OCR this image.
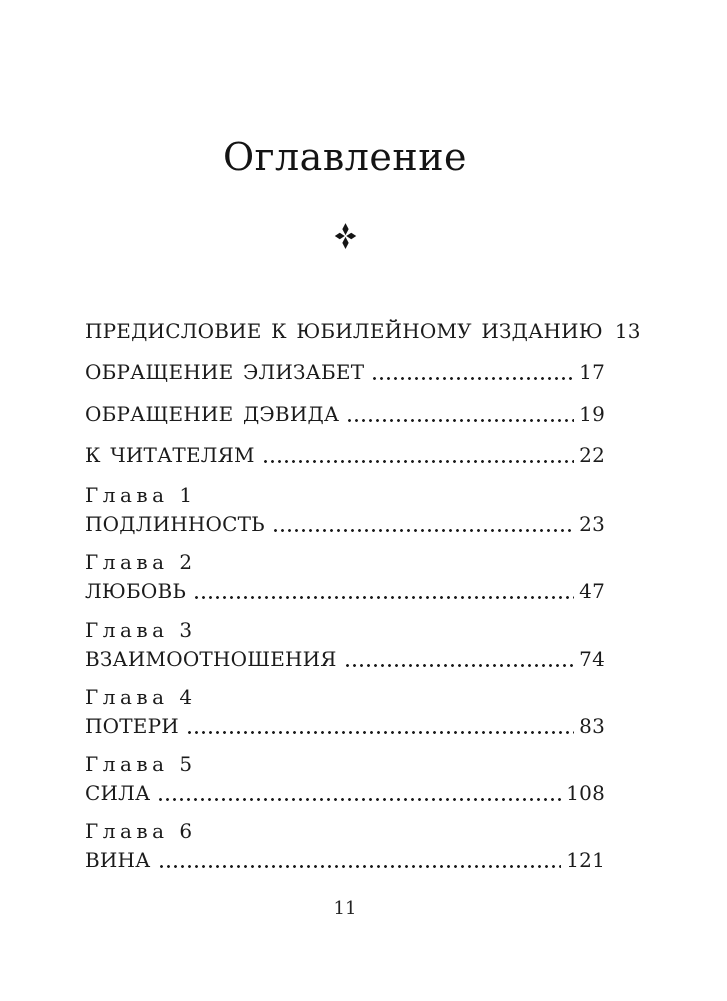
Оглавление
ПРЕДИСЛОВИЕ К ЮБИЛЕЙНОМУ ИЗДАНИЮ 13
ОБРАЩЕНИЕ ЭЛИЗАБЕТ	17
ОБРАЩЕНИЕ ДЭВИДА	19
К ЧИТАТЕЛЯМ	22
Глава 1
ПОДЛИННОСТЬ	23
Глава 2
ЛЮБОВЬ	47
Глава 3
ВЗАИМООТНОШЕНИЯ	74
Глава 4
ПОТЕРИ	83
Глава 5
СИЛА	108
Глава 6
ВИНА	121
11
